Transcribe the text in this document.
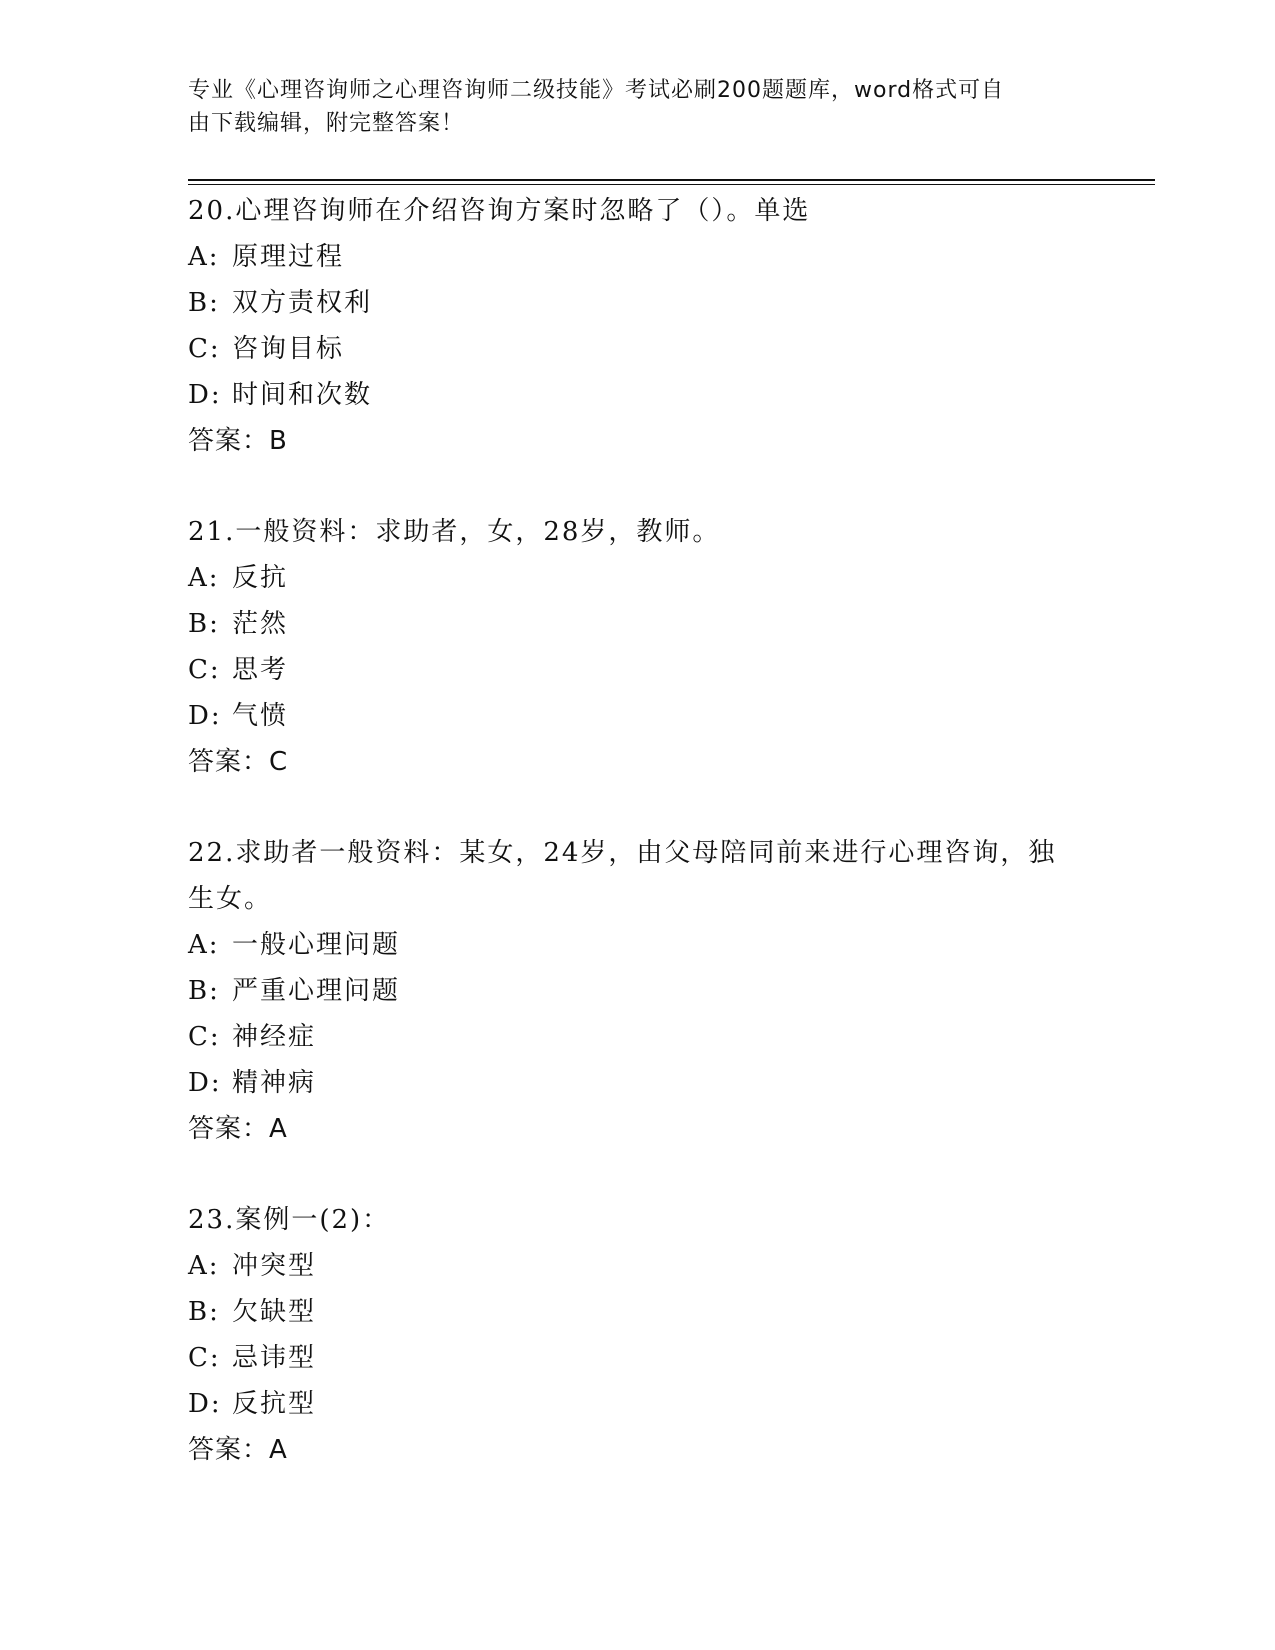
专业《心理咨询师之心理咨询师二级技能》考试必刷200题题库，word格式可自
由下载编辑，附完整答案！
20.心理咨询师在介绍咨询方案时忽略了（）。单选
A: 原理过程
B: 双方责权利
C: 咨询目标
D: 时间和次数
答案：B
21.一般资料：求助者，女，28岁，教师。
A: 反抗
B: 茫然
C: 思考
D: 气愤
答案：C
22.求助者一般资料：某女，24岁，由父母陪同前来进行心理咨询，独
生女。
A: 一般心理问题
B: 严重心理问题
C: 神经症
D: 精神病
答案：A
23.案例一(2)：
A: 冲突型
B: 欠缺型
C: 忌讳型
D: 反抗型
答案：A
